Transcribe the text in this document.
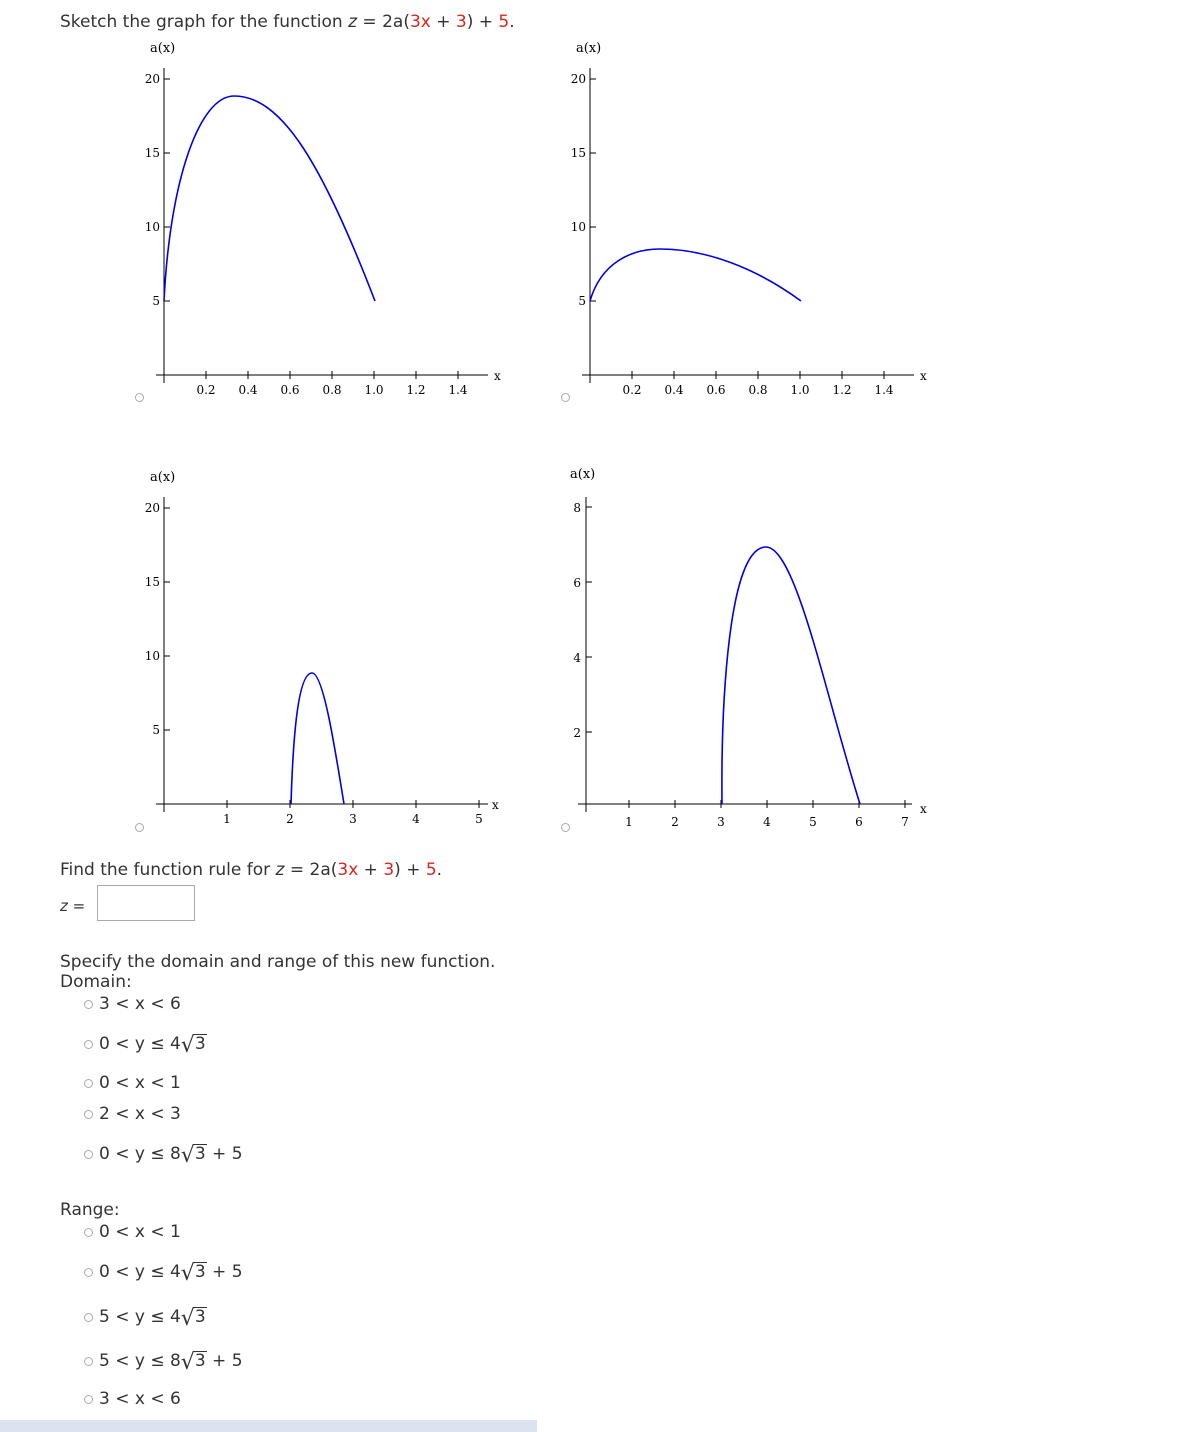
Sketch the graph for the function z = 2a(3x + 3) + 5.
a(x)
5
10
15
20
0.2 0.4 0.6 0.8 1.0 1.2 1.4
x
a(x)
5
10
15
20
0.2 0.4 0.6 0.8 1.0 1.2 1.4
x
a(x)
5
10
15
20
1	2	3	4	5
x
a(x)
2
4
6
8
1	2	3	4	5	6	7
x
Find the function rule for z = 2a(3x + 3) + 5.
z =
Specify the domain and range of this new function.
Domain:
3 < x < 6
0 < y ≤ 4√3
0 < x < 1
2 < x < 3
0 < y ≤ 8√3 + 5
Range:
0 < x < 1
0 < y ≤ 4√3 + 5
5 < y ≤ 4√3
5 < y ≤ 8√3 + 5
3 < x < 6
